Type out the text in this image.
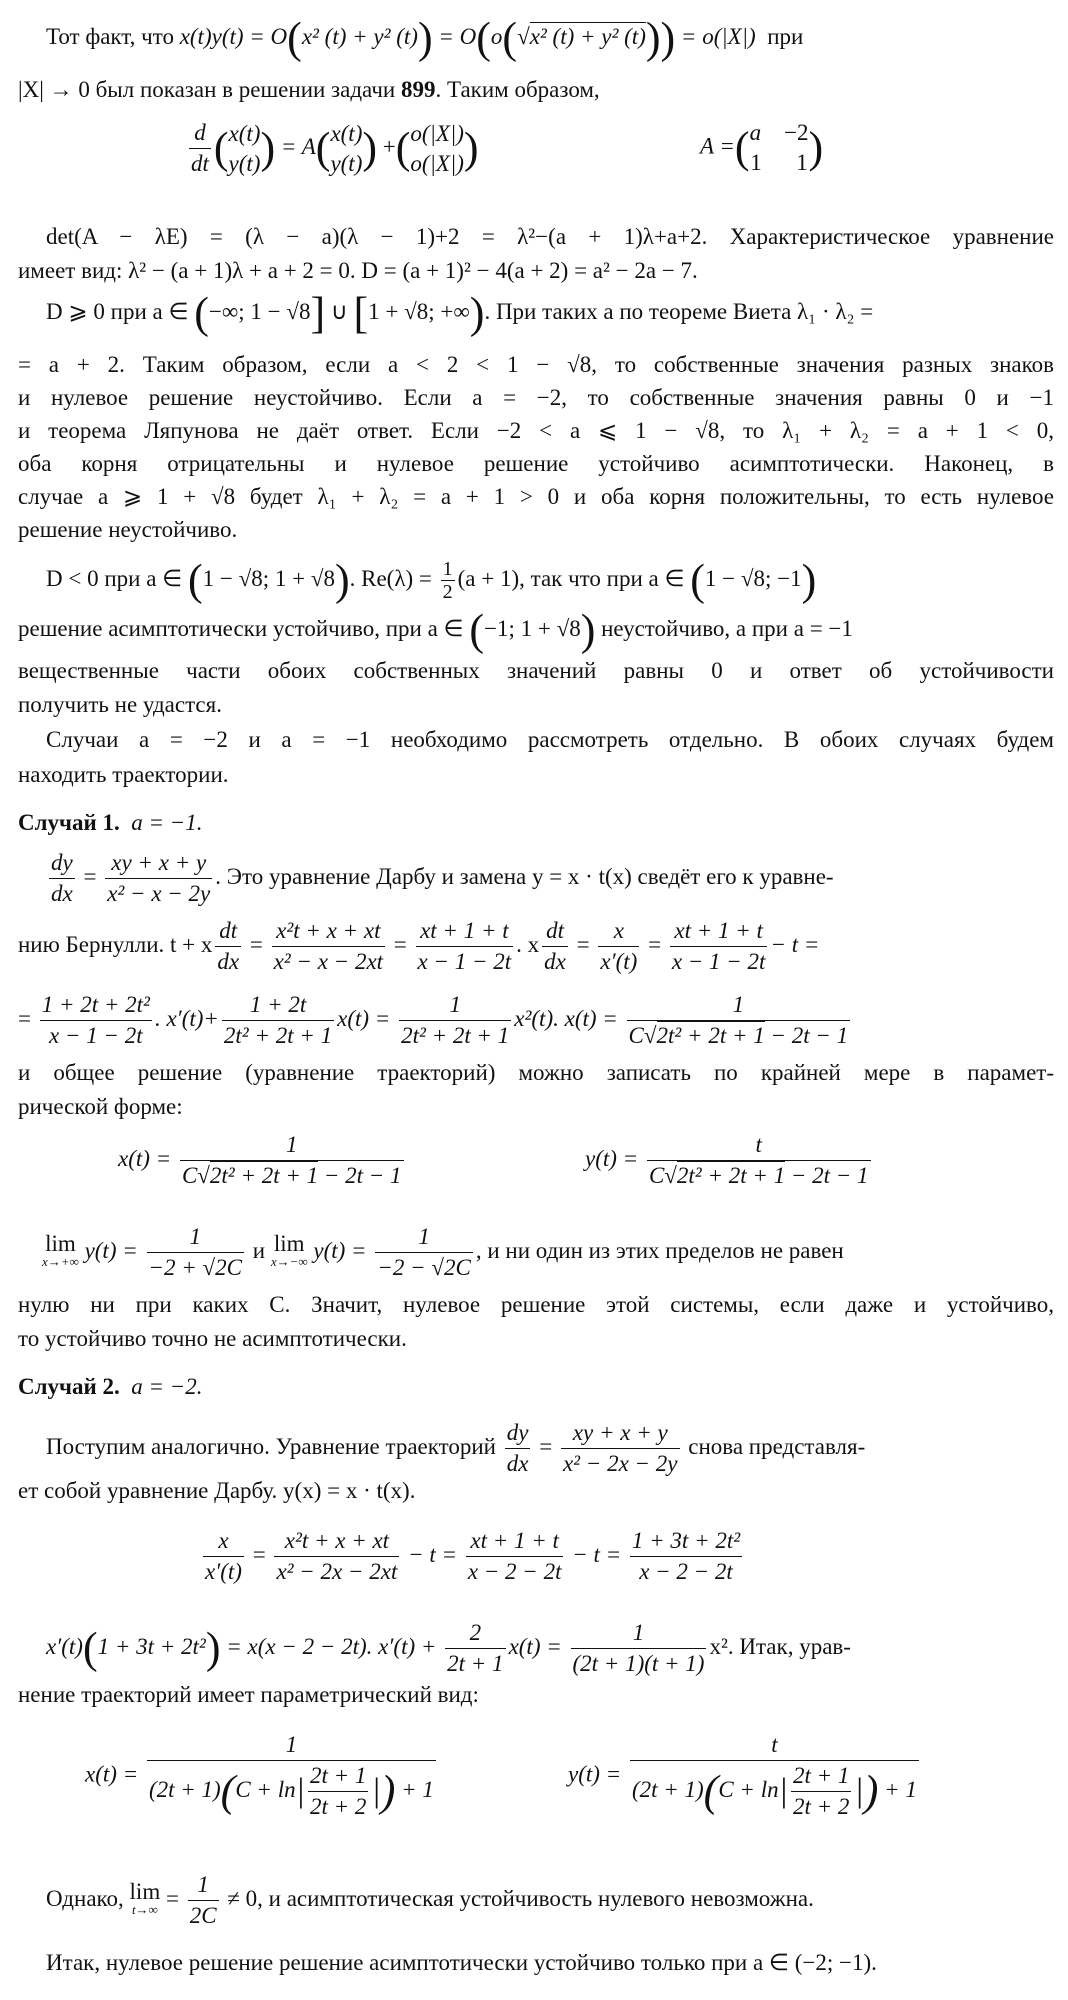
Тот факт, что x(t)y(t) = O(x² (t) + y² (t)) = O(o(√x² (t) + y² (t))) = o(|X|) при
|X| → 0 был показан в решении задачи 899. Таким образом,
$\frac{d}{dt}$ ( x(t)
y(t) ) = A( x(t)
y(t) ) +( o(|X|)
o(|X|) )	A =( a −2
1 1 )
det(A − λE) = (λ − a)(λ − 1)+2 = λ²−(a + 1)λ+a+2. Характеристическое уравнение
имеет вид: λ² − (a + 1)λ + a + 2 = 0. D = (a + 1)² − 4(a + 2) = a² − 2a − 7.
D ⩾ 0 при a ∈ (−∞; 1 − √8] ∪ [1 + √8; +∞). При таких a по теореме Виета λ₁ · λ₂ =
= a + 2. Таким образом, если a < 2 < 1 − √8, то собственные значения разных знаков
и нулевое решение неустойчиво. Если a = −2, то собственные значения равны 0 и −1
и теорема Ляпунова не даёт ответ. Если −2 < a ⩽ 1 − √8, то λ₁ + λ₂ = a + 1 < 0,
оба корня отрицательны и нулевое решение устойчиво асимптотически. Наконец, в
случае a ⩾ 1 + √8 будет λ₁ + λ₂ = a + 1 > 0 и оба корня положительны, то есть нулевое
решение неустойчиво.
D < 0 при a ∈ (1 − √8; 1 + √8). $Re(\lambda) = \frac{1}{2} (a + 1)$, так что при a ∈ (1 − √8; −1)
решение асимптотически устойчиво, при a ∈ (−1; 1 + √8) неустойчиво, а при a = −1
вещественные части обоих собственных значений равны 0 и ответ об устойчивости
получить не удастся.
Случаи a = −2 и a = −1 необходимо рассмотреть отдельно. В обоих случаях будем
находить траектории.
Случай 1. a = −1.
$\frac{dy}{dx} = \frac{xy + x + y}{\text{x² − x − 2y}}$ . Это уравнение Дарбу и замена y = x · t(x) сведёт его к уравне-
нию Бернулли. t + x $\frac{dt}{dx} = \frac{\text{x²t + x + xt}}{\text{x² − x − 2xt}} = \frac{xt + 1 + t}{x - 1 - 2t}$ . x $\frac{dt}{dx} = \frac{x}{x'(t)} = \frac{xt + 1 + t}{x - 1 - 2t} - t$ =
= $\frac{\text{1 + 2t + 2t²}}{x - 1 - 2t}$ . $x'(t)+ \frac{1 + 2t}{\text{2t² + 2t + 1}} x(t) = \frac{1}{\text{2t² + 2t + 1}} x^2(t)$. $x(t) = \frac{1}{\text{C√2t² + 2t + 1 − 2t − 1}}$
и общее решение (уравнение траекторий) можно записать по крайней мере в парамет-
рической форме:
$x(t) = \frac{1}{\text{C√2t² + 2t + 1 − 2t − 1}}$	$y(t) = \frac{t}{\text{C√2t² + 2t + 1 − 2t − 1}}$
lim
x→+∞ $y(t) = \frac{1}{-2 + √2C}$ и lim
x→−∞ $y(t) = \frac{1}{-2 - √2C}$ , и ни один из этих пределов не равен
нулю ни при каких C. Значит, нулевое решение этой системы, если даже и устойчиво,
то устойчиво точно не асимптотически.
Случай 2. a = −2.
Поступим аналогично. Уравнение траекторий $\frac{dy}{dx} = \frac{xy + x + y}{\text{x² − 2x − 2y}}$ снова представля-
ет собой уравнение Дарбу. y(x) = x · t(x).
$\frac{x}{x'(t)} = \frac{\text{x²t + x + xt}}{\text{x² − 2x − 2xt}} - t = \frac{xt + 1 + t}{x - 2 - 2t} - t = \frac{\text{1 + 3t + 2t²}}{x - 2 - 2t}$
x′(t)(1 + 3t + 2t²) = x(x − 2 − 2t). $x'(t) + \frac{2}{2t + 1} x(t) = \frac{1}{(2t + 1)(t + 1)} x^2$. Итак, урав-
нение траекторий имеет параметрический вид:
$x(t) = \frac{1}{(2t + 1)(C + \ln| \frac{2t + 1}{2t + 2} |) + 1}$	$y(t) = \frac{t}{(2t + 1)(C + \ln| \frac{2t + 1}{2t + 2} |) + 1}$
Однако, lim
$t\to\infty = \frac{1}{2C} \ne 0$, и асимптотическая устойчивость нулевого невозможна.
Итак, нулевое решение решение асимптотически устойчиво только при a ∈ (−2; −1).
